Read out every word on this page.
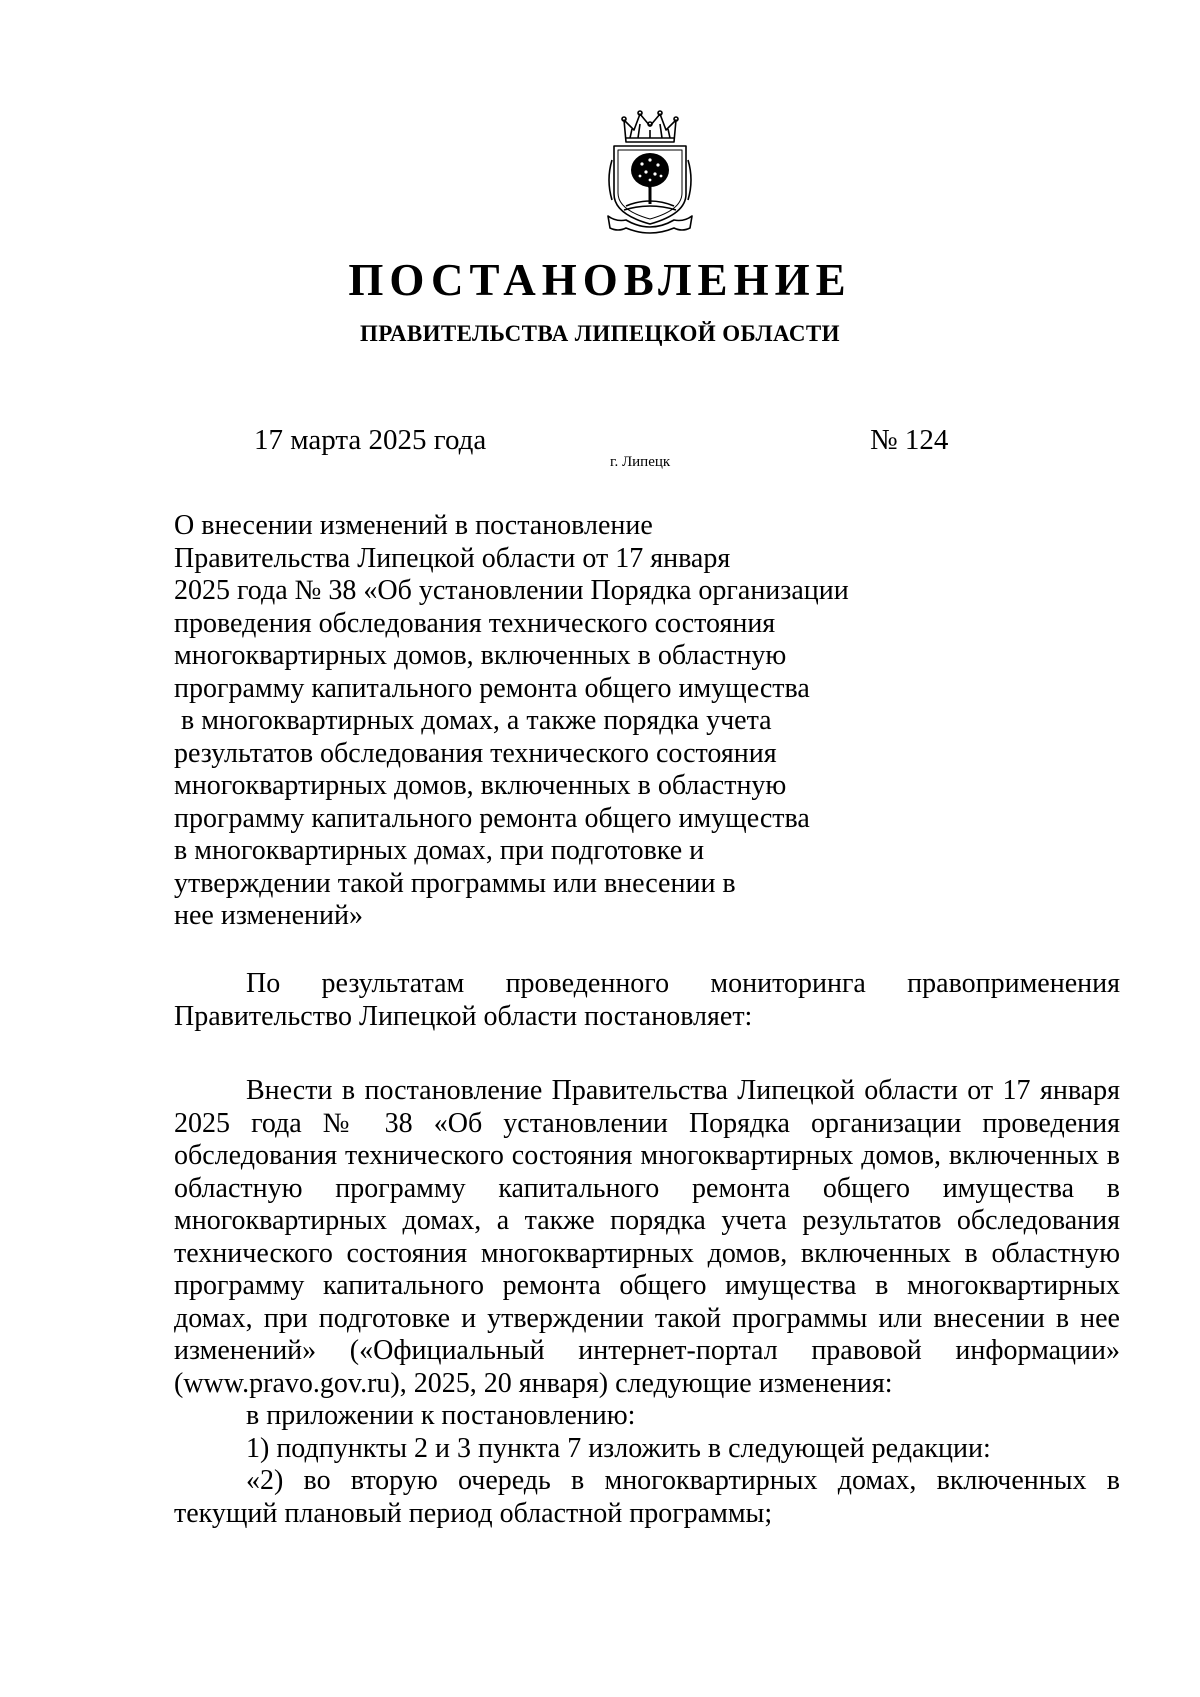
ПОСТАНОВЛЕНИЕ
ПРАВИТЕЛЬСТВА ЛИПЕЦКОЙ ОБЛАСТИ
17 марта 2025 года
г. Липецк
№ 124
О внесении изменений в постановление
Правительства Липецкой области от 17 января
2025 года № 38 «Об установлении Порядка организации
проведения обследования технического состояния
многоквартирных домов, включенных в областную
программу капитального ремонта общего имущества
в многоквартирных домах, а также порядка учета
результатов обследования технического состояния
многоквартирных домов, включенных в областную
программу капитального ремонта общего имущества
в многоквартирных домах, при подготовке и
утверждении такой программы или внесении в
нее изменений»

По результатам проведенного мониторинга правоприменения Правительство Липецкой области постановляет:

Внести в постановление Правительства Липецкой области от 17 января 2025 года № 38 «Об установлении Порядка организации проведения обследования технического состояния многоквартирных домов, включенных в областную программу капитального ремонта общего имущества в многоквартирных домах, а также порядка учета результатов обследования технического состояния многоквартирных домов, включенных в областную программу капитального ремонта общего имущества в многоквартирных домах, при подготовке и утверждении такой программы или внесении в нее изменений» («Официальный интернет-портал правовой информации» (www.pravo.gov.ru), 2025, 20 января) следующие изменения:

в приложении к постановлению:

1) подпункты 2 и 3 пункта 7 изложить в следующей редакции:

«2) во вторую очередь в многоквартирных домах, включенных в текущий плановый период областной программы;
